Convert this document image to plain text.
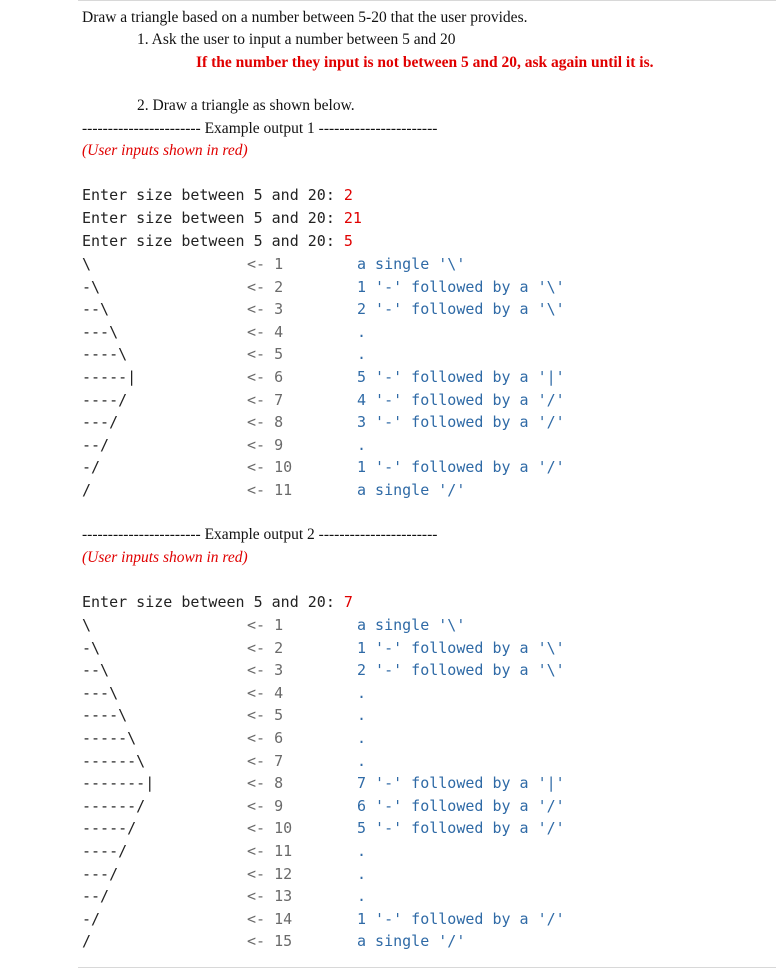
Draw a triangle based on a number between 5-20 that the user provides.
1. Ask the user to input a number between 5 and 20
If the number they input is not between 5 and 20, ask again until it is.
2. Draw a triangle as shown below.
----------------------- Example output 1 -----------------------
(User inputs shown in red)
Enter size between 5 and 20: 2
Enter size between 5 and 20: 21
Enter size between 5 and 20: 5
\	<- 1	a single '\'
-\	<- 2	1 '-' followed by a '\'
--\	<- 3	2 '-' followed by a '\'
---\	<- 4	.
----\	<- 5	.
-----|	<- 6	5 '-' followed by a '|'
----/	<- 7	4 '-' followed by a '/'
---/	<- 8	3 '-' followed by a '/'
--/	<- 9	.
-/	<- 10	1 '-' followed by a '/'
/	<- 11	a single '/'
----------------------- Example output 2 -----------------------
(User inputs shown in red)
Enter size between 5 and 20: 7
\	<- 1	a single '\'
-\	<- 2	1 '-' followed by a '\'
--\	<- 3	2 '-' followed by a '\'
---\	<- 4	.
----\	<- 5	.
-----\	<- 6	.
------\	<- 7	.
-------|	<- 8	7 '-' followed by a '|'
------/	<- 9	6 '-' followed by a '/'
-----/	<- 10	5 '-' followed by a '/'
----/	<- 11	.
---/	<- 12	.
--/	<- 13	.
-/	<- 14	1 '-' followed by a '/'
/	<- 15	a single '/'
